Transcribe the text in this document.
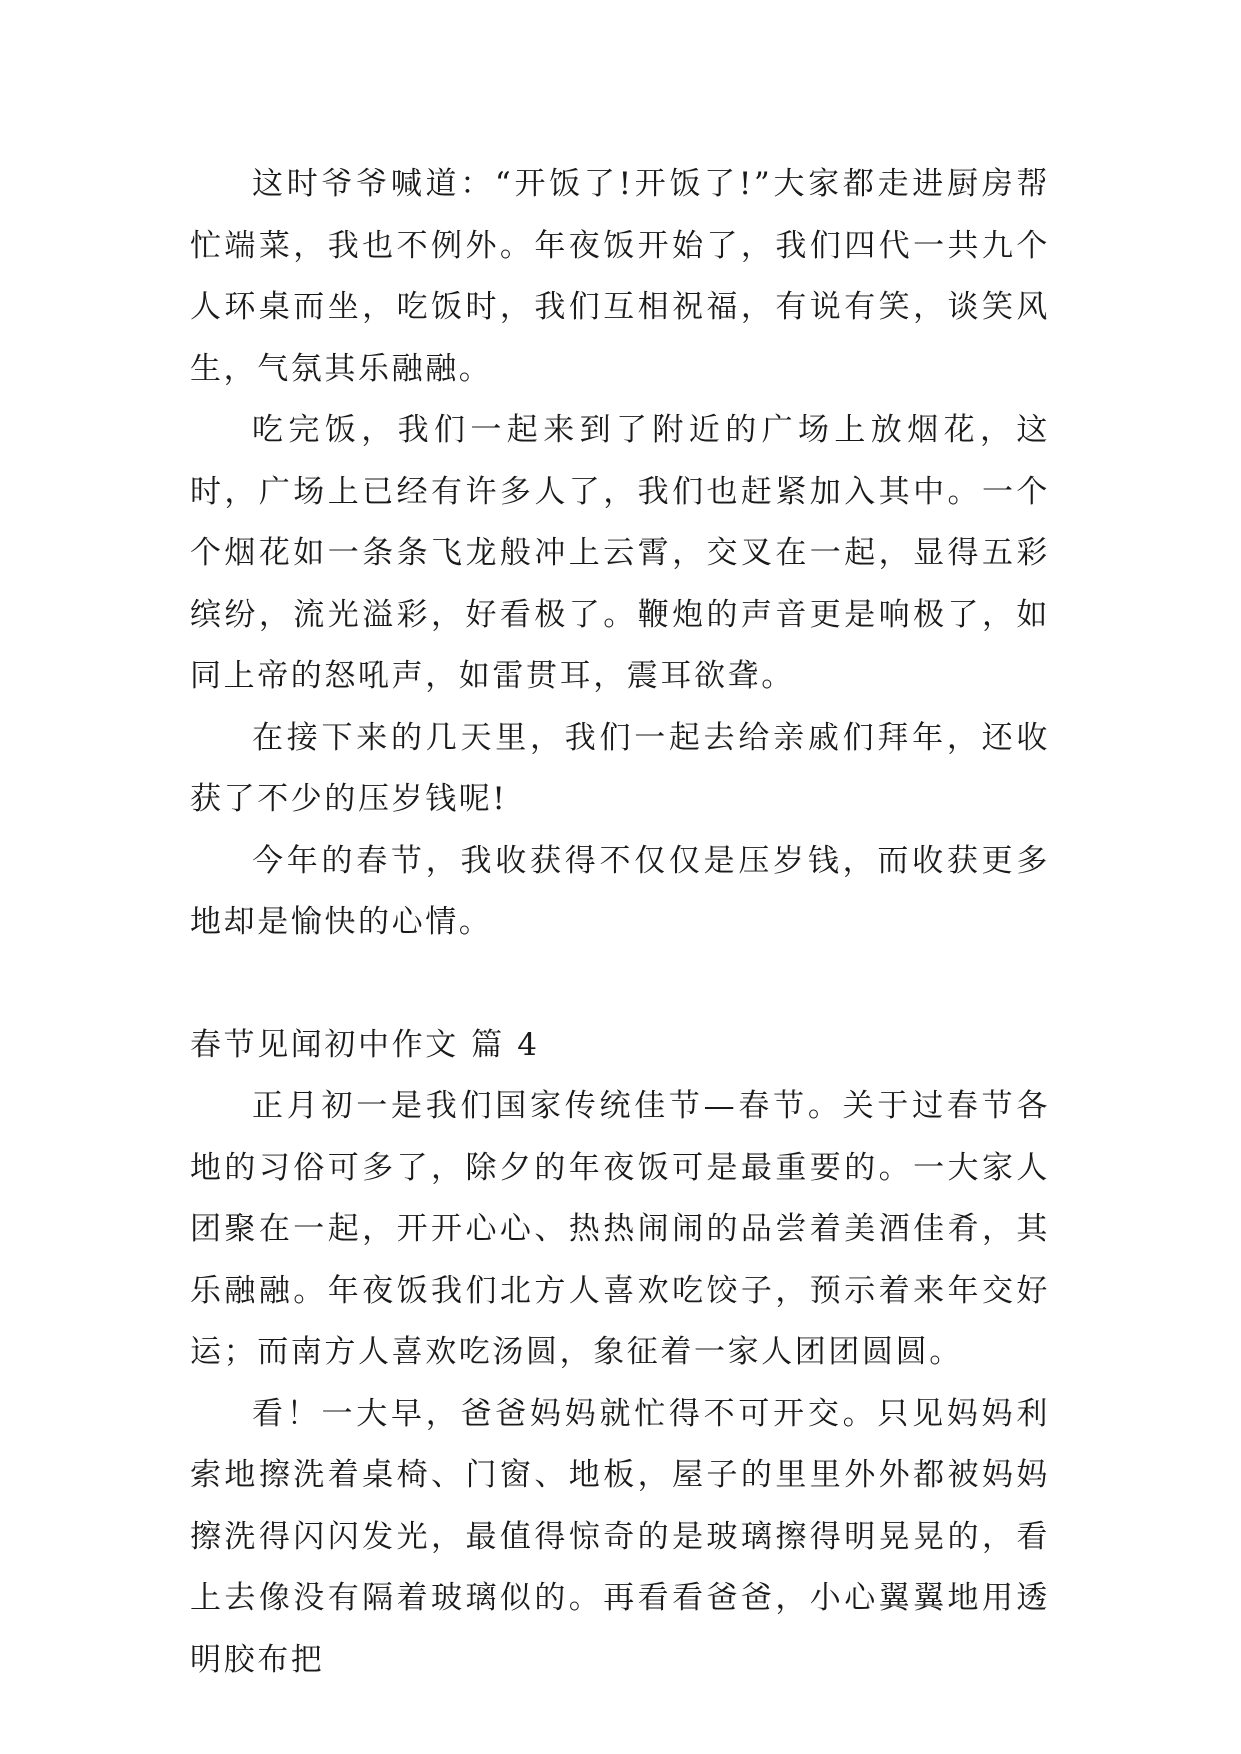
这时爷爷喊道：“开饭了!开饭了!”大家都走进厨房帮忙端菜，我也不例外。年夜饭开始了，我们四代一共九个人环桌而坐，吃饭时，我们互相祝福，有说有笑，谈笑风生，气氛其乐融融。

吃完饭，我们一起来到了附近的广场上放烟花，这时，广场上已经有许多人了，我们也赶紧加入其中。一个个烟花如一条条飞龙般冲上云霄，交叉在一起，显得五彩缤纷，流光溢彩，好看极了。鞭炮的声音更是响极了，如同上帝的怒吼声，如雷贯耳，震耳欲聋。

在接下来的几天里，我们一起去给亲戚们拜年，还收获了不少的压岁钱呢!

今年的春节，我收获得不仅仅是压岁钱，而收获更多地却是愉快的心情。

春节见闻初中作文 篇 4

正月初一是我们国家传统佳节—春节。关于过春节各地的习俗可多了，除夕的年夜饭可是最重要的。一大家人团聚在一起，开开心心、热热闹闹的品尝着美酒佳肴，其乐融融。年夜饭我们北方人喜欢吃饺子，预示着来年交好运；而南方人喜欢吃汤圆，象征着一家人团团圆圆。

看！一大早，爸爸妈妈就忙得不可开交。只见妈妈利索地擦洗着桌椅、门窗、地板，屋子的里里外外都被妈妈擦洗得闪闪发光，最值得惊奇的是玻璃擦得明晃晃的，看上去像没有隔着玻璃似的。再看看爸爸，小心翼翼地用透明胶布把
